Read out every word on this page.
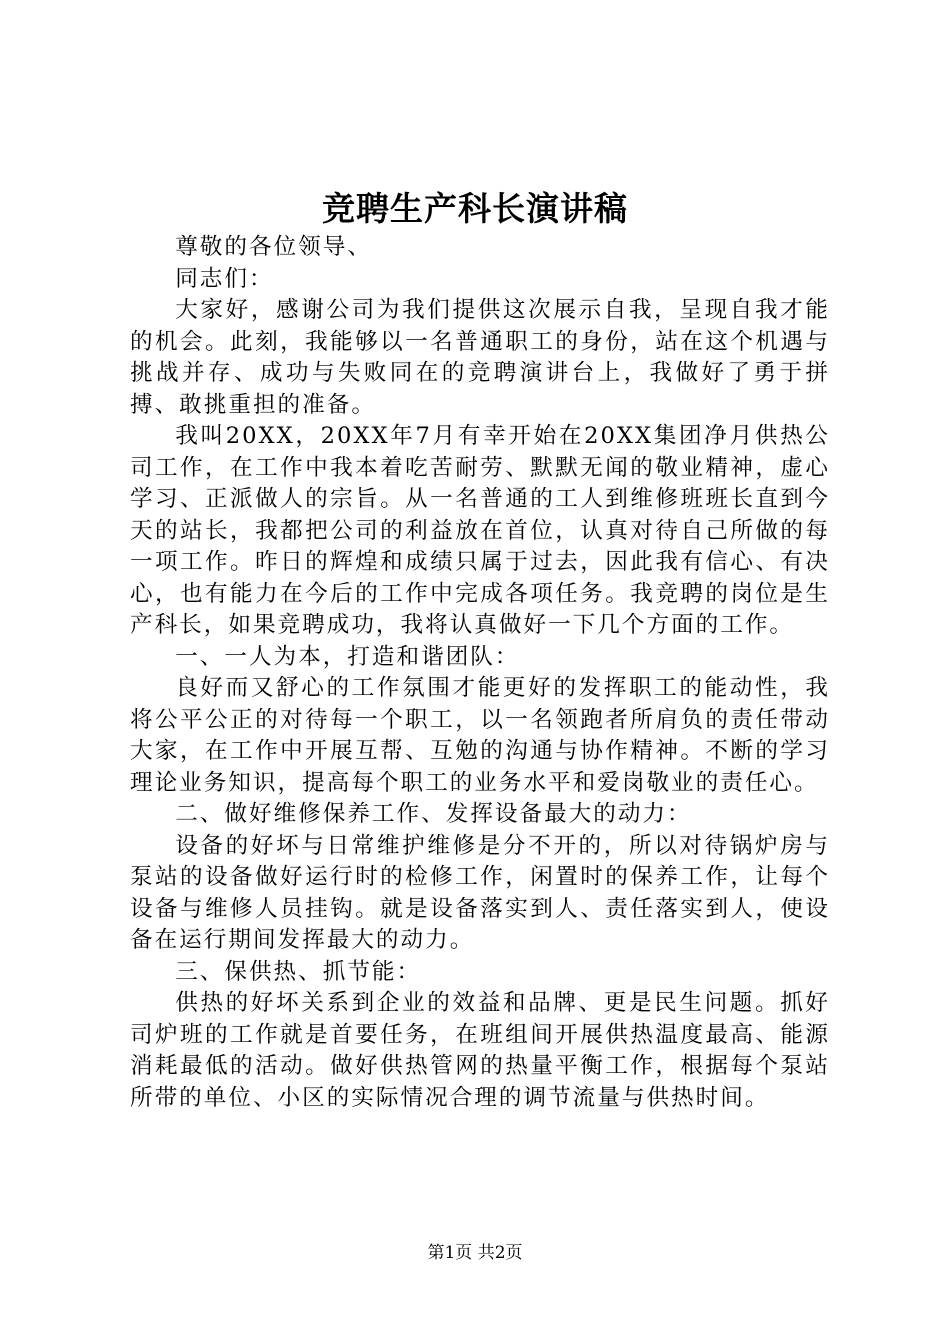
竞聘生产科长演讲稿

尊敬的各位领导、

同志们：

大家好，感谢公司为我们提供这次展示自我，呈现自我才能的机会。此刻，我能够以一名普通职工的身份，站在这个机遇与挑战并存、成功与失败同在的竞聘演讲台上，我做好了勇于拼搏、敢挑重担的准备。

我叫20XX，20XX年7月有幸开始在20XX集团净月供热公司工作，在工作中我本着吃苦耐劳、默默无闻的敬业精神，虚心学习、正派做人的宗旨。从一名普通的工人到维修班班长直到今天的站长，我都把公司的利益放在首位，认真对待自己所做的每一项工作。昨日的辉煌和成绩只属于过去，因此我有信心、有决心，也有能力在今后的工作中完成各项任务。我竞聘的岗位是生产科长，如果竞聘成功，我将认真做好一下几个方面的工作。

一、一人为本，打造和谐团队：

良好而又舒心的工作氛围才能更好的发挥职工的能动性，我将公平公正的对待每一个职工，以一名领跑者所肩负的责任带动大家，在工作中开展互帮、互勉的沟通与协作精神。不断的学习理论业务知识，提高每个职工的业务水平和爱岗敬业的责任心。

二、做好维修保养工作、发挥设备最大的动力：

设备的好坏与日常维护维修是分不开的，所以对待锅炉房与泵站的设备做好运行时的检修工作，闲置时的保养工作，让每个设备与维修人员挂钩。就是设备落实到人、责任落实到人，使设备在运行期间发挥最大的动力。

三、保供热、抓节能：

供热的好坏关系到企业的效益和品牌、更是民生问题。抓好司炉班的工作就是首要任务，在班组间开展供热温度最高、能源消耗最低的活动。做好供热管网的热量平衡工作，根据每个泵站所带的单位、小区的实际情况合理的调节流量与供热时间。

第1页 共2页
